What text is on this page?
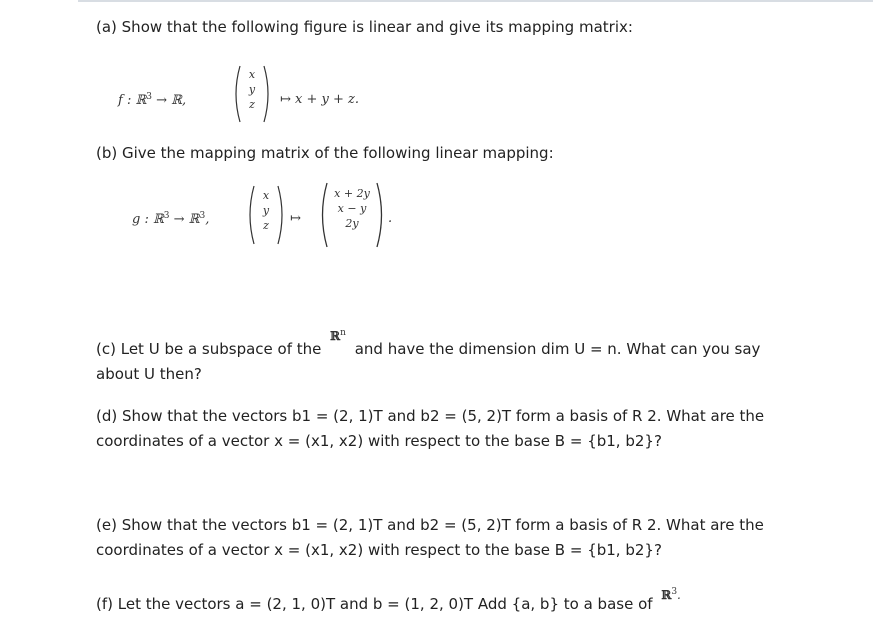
(a) Show that the following figure is linear and give its mapping matrix:
f : ℝ$^3$ → ℝ,
x
y
z	↦ x + y + z.
(b) Give the mapping matrix of the following linear mapping:
g : ℝ$^3$ → ℝ$^3$,
x
y
z	↦
x + 2y
x − y
2y	.
(c) Let U be a subspace of the $^{ℝ^n}$ and have the dimension dim U = n. What can you say
about U then?
(d) Show that the vectors b1 = (2, 1)T and b2 = (5, 2)T form a basis of R 2. What are the
coordinates of a vector x = (x1, x2) with respect to the base B = {b1, b2}?
(e) Show that the vectors b1 = (2, 1)T and b2 = (5, 2)T form a basis of R 2. What are the
coordinates of a vector x = (x1, x2) with respect to the base B = {b1, b2}?
(f) Let the vectors a = (2, 1, 0)T and b = (1, 2, 0)T Add {a, b} to a base of $^{ℝ^3.}$
